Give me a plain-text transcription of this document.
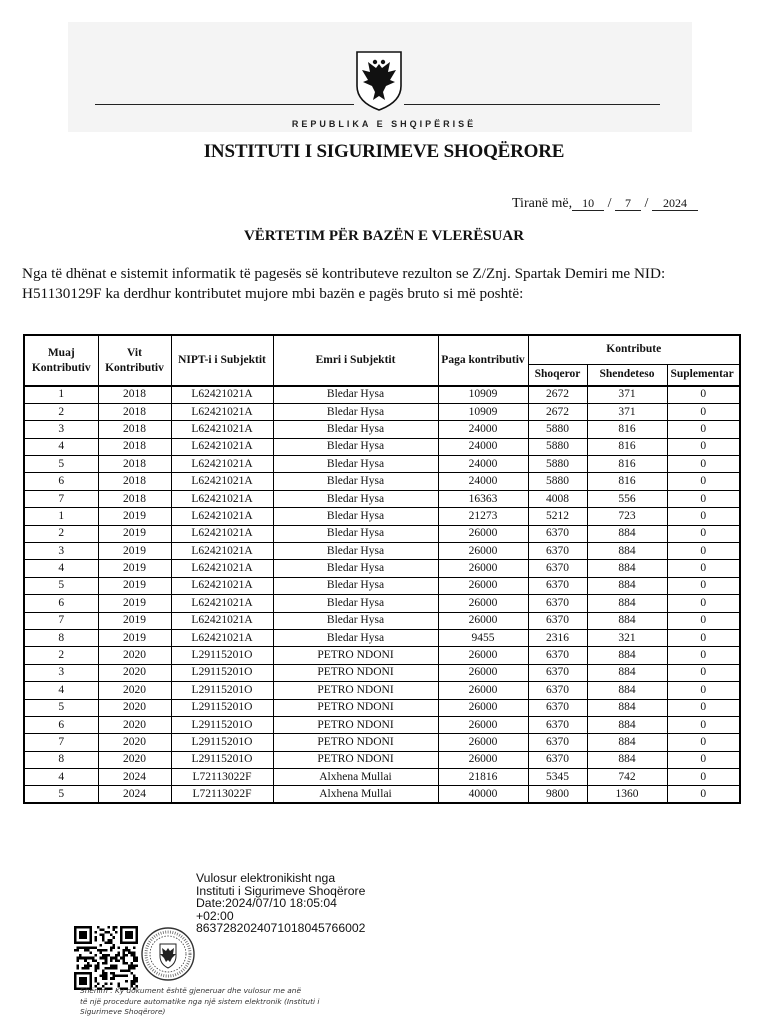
REPUBLIKA E SHQIPËRISË
INSTITUTI I SIGURIMEVE SHOQËRORE
Tiranë më, 10 / 7 / 2024
VËRTETIM PËR BAZËN E VLERËSUAR
Nga të dhënat e sistemit informatik të pagesës së kontributeve rezulton se Z/Znj. Spartak Demiri me NID:
H51130129F ka derdhur kontributet mujore mbi bazën e pagës bruto si më poshtë:
Muaj Kontributiv	Vit Kontributiv	NIPT-i i Subjektit	Emri i Subjektit	Paga kontributiv	Kontribute		
					Shoqeror	Shendeteso	Suplementar
1	2018	L62421021A	Bledar Hysa	10909	2672	371	0
2	2018	L62421021A	Bledar Hysa	10909	2672	371	0
3	2018	L62421021A	Bledar Hysa	24000	5880	816	0
4	2018	L62421021A	Bledar Hysa	24000	5880	816	0
5	2018	L62421021A	Bledar Hysa	24000	5880	816	0
6	2018	L62421021A	Bledar Hysa	24000	5880	816	0
7	2018	L62421021A	Bledar Hysa	16363	4008	556	0
1	2019	L62421021A	Bledar Hysa	21273	5212	723	0
2	2019	L62421021A	Bledar Hysa	26000	6370	884	0
3	2019	L62421021A	Bledar Hysa	26000	6370	884	0
4	2019	L62421021A	Bledar Hysa	26000	6370	884	0
5	2019	L62421021A	Bledar Hysa	26000	6370	884	0
6	2019	L62421021A	Bledar Hysa	26000	6370	884	0
7	2019	L62421021A	Bledar Hysa	26000	6370	884	0
8	2019	L62421021A	Bledar Hysa	9455	2316	321	0
2	2020	L29115201O	PETRO NDONI	26000	6370	884	0
3	2020	L29115201O	PETRO NDONI	26000	6370	884	0
4	2020	L29115201O	PETRO NDONI	26000	6370	884	0
5	2020	L29115201O	PETRO NDONI	26000	6370	884	0
6	2020	L29115201O	PETRO NDONI	26000	6370	884	0
7	2020	L29115201O	PETRO NDONI	26000	6370	884	0
8	2020	L29115201O	PETRO NDONI	26000	6370	884	0
4	2024	L72113022F	Alxhena Mullai	21816	5345	742	0
5	2024	L72113022F	Alxhena Mullai	40000	9800	1360	0
Vulosur elektronikisht nga
Instituti i Sigurimeve Shoqërore
Date:2024/07/10 18:05:04
+02:00
8637282024071018045766002
Shënim : Ky dokument është gjeneruar dhe vulosur me anë
të një procedure automatike nga një sistem elektronik (Instituti i
Sigurimeve Shoqërore)
